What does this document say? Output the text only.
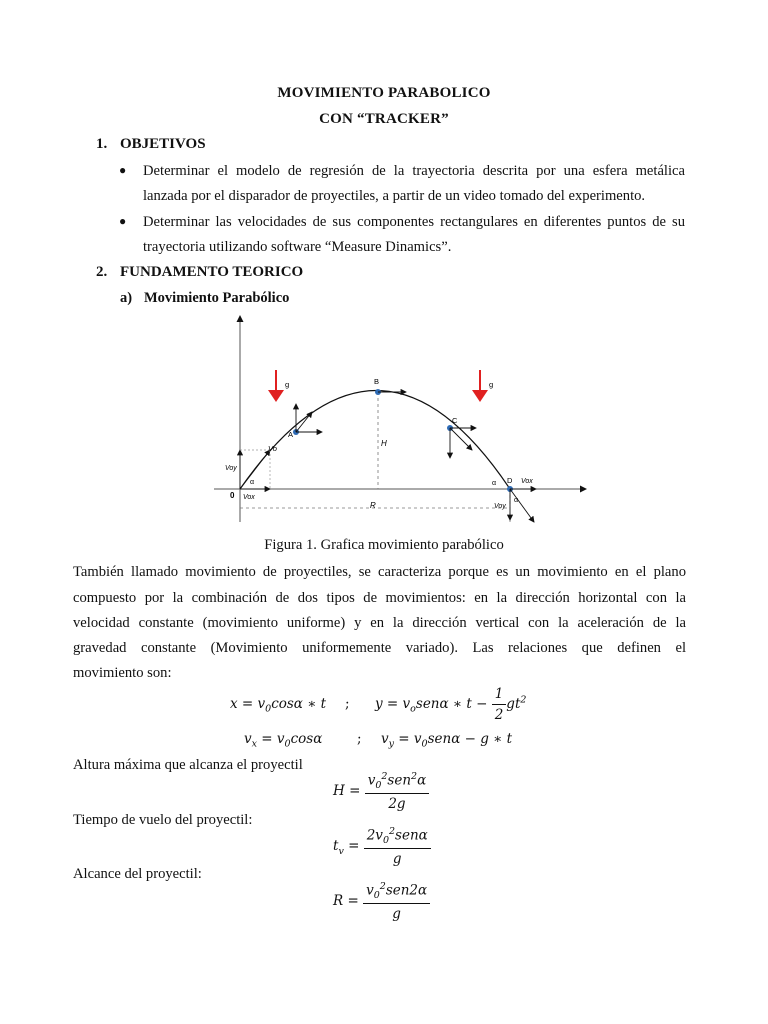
MOVIMIENTO PARABOLICO
CON “TRACKER”
1. OBJETIVOS
● Determinar el modelo de regresión de la trayectoria descrita por una esfera metálica
lanzada por el disparador de proyectiles, a partir de un video tomado del experimento.
● Determinar las velocidades de sus componentes rectangulares en diferentes puntos de su
trayectoria utilizando software “Measure Dinamics”.
2. FUNDAMENTO TEORICO
a) Movimiento Parabólico
H
R
Voy
Vox
Vo
α
0
A
B
C
D Vox
Voy
α
α
g	g
Figura 1. Grafica movimiento parabólico
También llamado movimiento de proyectiles, se caracteriza porque es un movimiento en el plano
compuesto por la combinación de dos tipos de movimientos: en la dirección horizontal con la
velocidad constante (movimiento uniforme) y en la dirección vertical con la aceleración de la
gravedad constante (Movimiento uniformemente variado). Las relaciones que definen el
movimiento son:
$x = v_0\cos\alpha$ ∗ t ; $y = v_osen\alpha$ ∗ $t - \frac{1}{2} gt^2$
$v_x = v_0\cos\alpha$	; $v_y = v_0sen\alpha - g$ ∗ t
Altura máxima que alcanza el proyectil
$H = \frac{v_0^2sen^2\alpha}{2g}$
Tiempo de vuelo del proyectil:
$t_v = \frac{2v_0^2sen\alpha}{g}$
Alcance del proyectil:
$R = \frac{v_0^2sen2\alpha}{g}$
